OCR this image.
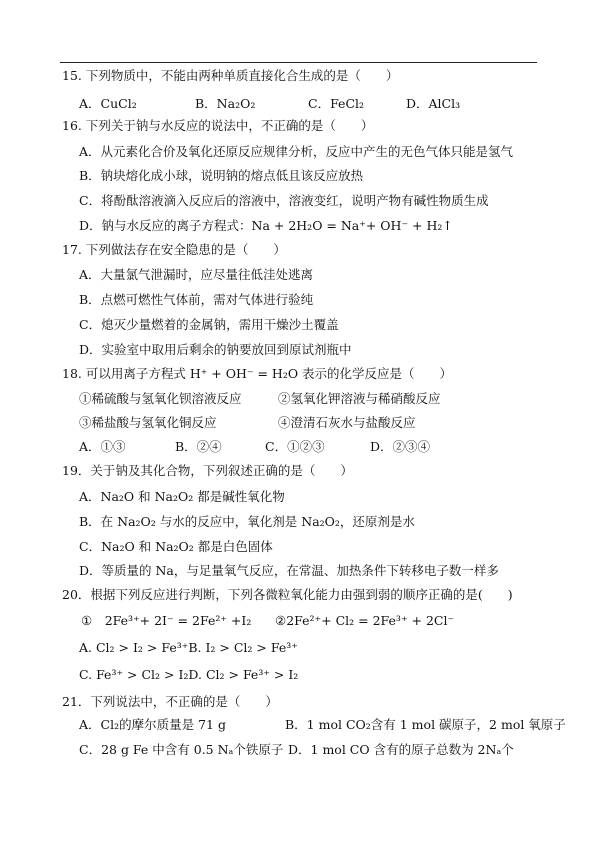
15. 下列物质中，不能由两种单质直接化合生成的是（　　）
A．CuCl₂	B．Na₂O₂	C．FeCl₂	D．AlCl₃
16. 下列关于钠与水反应的说法中，不正确的是（　　）
A．从元素化合价及氧化还原反应规律分析，反应中产生的无色气体只能是氢气
B．钠块熔化成小球，说明钠的熔点低且该反应放热
C．将酚酞溶液滴入反应后的溶液中，溶液变红，说明产物有碱性物质生成
D．钠与水反应的离子方程式：Na + 2H₂O = Na⁺+ OH⁻ + H₂↑
17. 下列做法存在安全隐患的是（　　）
A．大量氯气泄漏时，应尽量往低洼处逃离
B．点燃可燃性气体前，需对气体进行验纯
C．熄灭少量燃着的金属钠，需用干燥沙土覆盖
D．实验室中取用后剩余的钠要放回到原试剂瓶中
18. 可以用离子方程式 H⁺ + OH⁻ = H₂O 表示的化学反应是（　　）
①稀硫酸与氢氧化钡溶液反应	②氢氧化钾溶液与稀硝酸反应
③稀盐酸与氢氧化铜反应	④澄清石灰水与盐酸反应
A．①③	B．②④	C．①②③	D．②③④
19．关于钠及其化合物，下列叙述正确的是（　　）
A．Na₂O 和 Na₂O₂ 都是碱性氧化物
B．在 Na₂O₂ 与水的反应中，氧化剂是 Na₂O₂，还原剂是水
C．Na₂O 和 Na₂O₂ 都是白色固体
D．等质量的 Na，与足量氧气反应，在常温、加热条件下转移电子数一样多
20．根据下列反应进行判断，下列各微粒氧化能力由强到弱的顺序正确的是(　　)
①　2Fe³⁺+ 2I⁻ = 2Fe²⁺ +I₂ ②2Fe²⁺+ Cl₂ = 2Fe³⁺ + 2Cl⁻
A. Cl₂ > I₂ > Fe³⁺B. I₂ > Cl₂ > Fe³⁺
C. Fe³⁺ > Cl₂ > I₂D. Cl₂ > Fe³⁺ > I₂
21．下列说法中，不正确的是（　　）
A．Cl₂的摩尔质量是 71 g	B．1 mol CO₂含有 1 mol 碳原子，2 mol 氧原子
C．28 g Fe 中含有 0.5 Nₐ个铁原子 D．1 mol CO 含有的原子总数为 2Nₐ个
